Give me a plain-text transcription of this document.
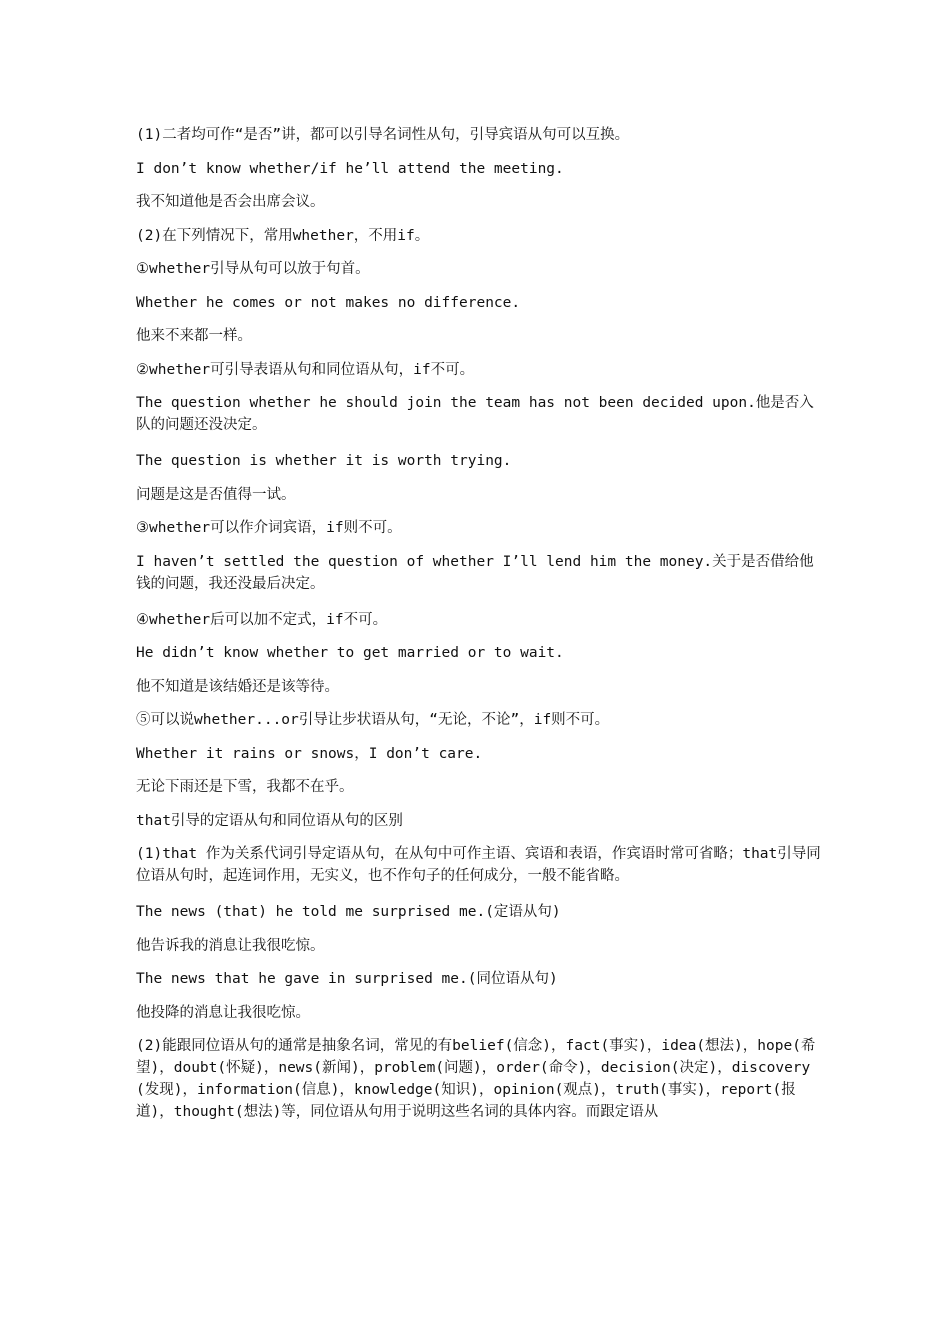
(1)二者均可作“是否”讲，都可以引导名词性从句，引导宾语从句可以互换。

I don’t know whether/if he’ll attend the meeting.

我不知道他是否会出席会议。

(2)在下列情况下，常用whether，不用if。

①whether引导从句可以放于句首。

Whether he comes or not makes no difference.

他来不来都一样。

②whether可引导表语从句和同位语从句，if不可。

The question whether he should join the team has not been decided upon.他是否入队的问题还没决定。

The question is whether it is worth trying.

问题是这是否值得一试。

③whether可以作介词宾语，if则不可。

I haven’t settled the question of whether I’ll lend him the money.关于是否借给他钱的问题，我还没最后决定。

④whether后可以加不定式，if不可。

He didn’t know whether to get married or to wait.

他不知道是该结婚还是该等待。

⑤可以说whether...or引导让步状语从句，“无论，不论”，if则不可。

Whether it rains or snows，I don’t care.

无论下雨还是下雪，我都不在乎。

that引导的定语从句和同位语从句的区别

(1)that 作为关系代词引导定语从句，在从句中可作主语、宾语和表语，作宾语时常可省略；that引导同位语从句时，起连词作用，无实义，也不作句子的任何成分，一般不能省略。

The news (that) he told me surprised me.(定语从句)

他告诉我的消息让我很吃惊。

The news that he gave in surprised me.(同位语从句)

他投降的消息让我很吃惊。

(2)能跟同位语从句的通常是抽象名词，常见的有belief(信念)，fact(事实)，idea(想法)，hope(希望)，doubt(怀疑)，news(新闻)，problem(问题)，order(命令)，decision(决定)，discovery(发现)，information(信息)，knowledge(知识)，opinion(观点)，truth(事实)，report(报道)，thought(想法)等，同位语从句用于说明这些名词的具体内容。而跟定语从
